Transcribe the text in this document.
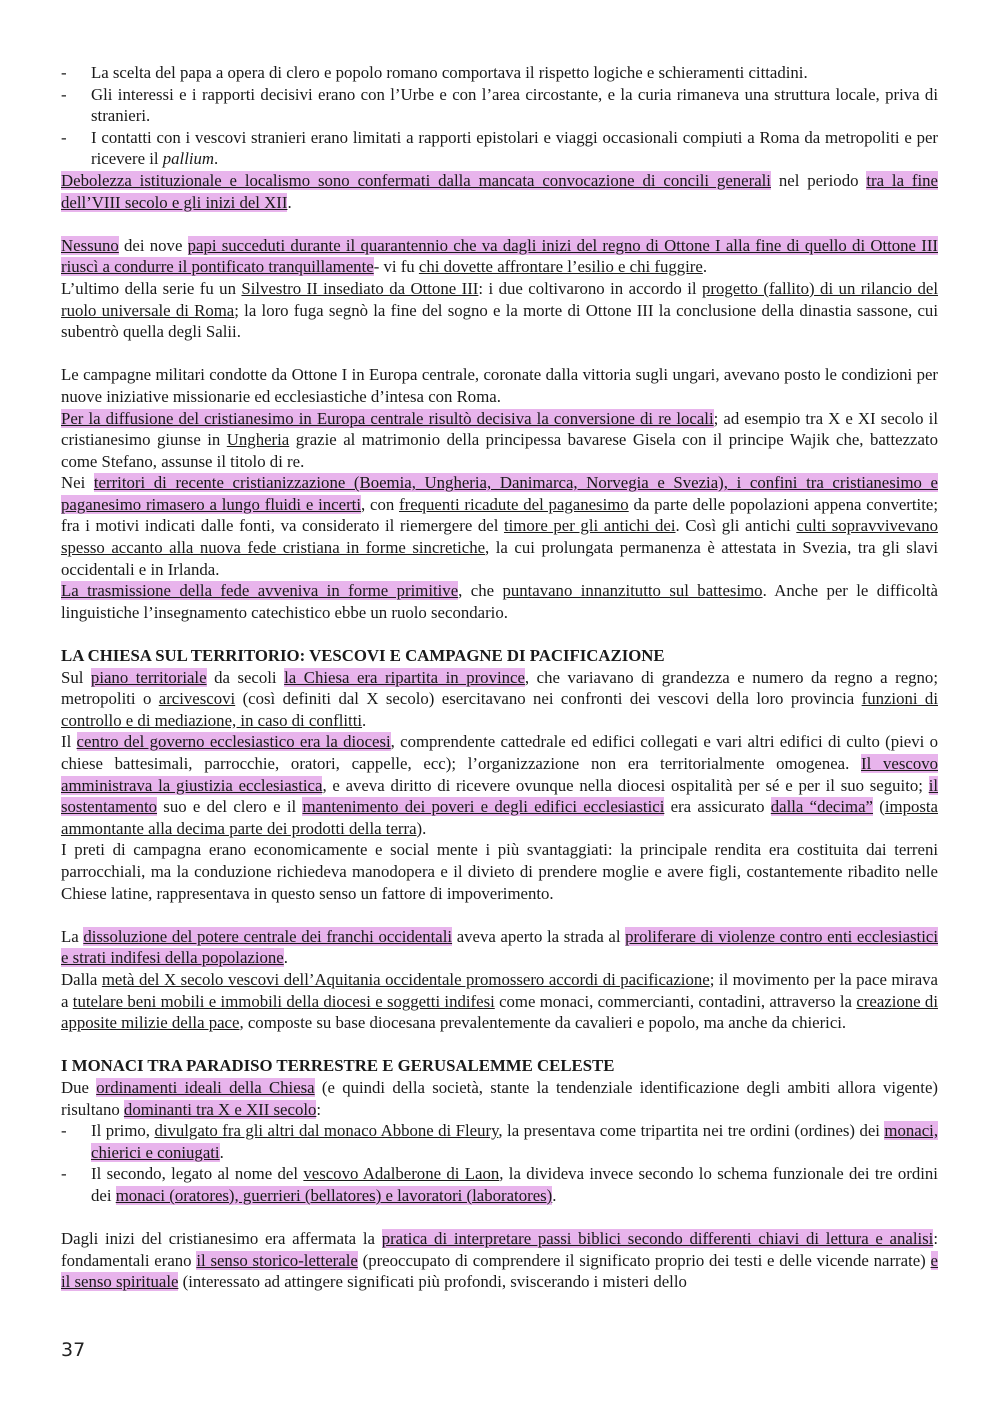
- La scelta del papa a opera di clero e popolo romano comportava il rispetto logiche e schieramenti cittadini.
- Gli interessi e i rapporti decisivi erano con l’Urbe e con l’area circostante, e la curia rimaneva una struttura locale, priva di stranieri.
- I contatti con i vescovi stranieri erano limitati a rapporti epistolari e viaggi occasionali compiuti a Roma da metropoliti e per ricevere il pallium.

Debolezza istituzionale e localismo sono confermati dalla mancata convocazione di concili generali nel periodo tra la fine dell’VIII secolo e gli inizi del XII.

Nessuno dei nove papi succeduti durante il quarantennio che va dagli inizi del regno di Ottone I alla fine di quello di Ottone III riuscì a condurre il pontificato tranquillamente- vi fu chi dovette affrontare l’esilio e chi fuggire.

L’ultimo della serie fu un Silvestro II insediato da Ottone III: i due coltivarono in accordo il progetto (fallito) di un rilancio del ruolo universale di Roma; la loro fuga segnò la fine del sogno e la morte di Ottone III la conclusione della dinastia sassone, cui subentrò quella degli Salii.

Le campagne militari condotte da Ottone I in Europa centrale, coronate dalla vittoria sugli ungari, avevano posto le condizioni per nuove iniziative missionarie ed ecclesiastiche d’intesa con Roma.

Per la diffusione del cristianesimo in Europa centrale risultò decisiva la conversione di re locali; ad esempio tra X e XI secolo il cristianesimo giunse in Ungheria grazie al matrimonio della principessa bavarese Gisela con il principe Wajik che, battezzato come Stefano, assunse il titolo di re.

Nei territori di recente cristianizzazione (Boemia, Ungheria, Danimarca, Norvegia e Svezia), i confini tra cristianesimo e paganesimo rimasero a lungo fluidi e incerti, con frequenti ricadute del paganesimo da parte delle popolazioni appena convertite; fra i motivi indicati dalle fonti, va considerato il riemergere del timore per gli antichi dei. Così gli antichi culti sopravvivevano spesso accanto alla nuova fede cristiana in forme sincretiche, la cui prolungata permanenza è attestata in Svezia, tra gli slavi occidentali e in Irlanda.

La trasmissione della fede avveniva in forme primitive, che puntavano innanzitutto sul battesimo. Anche per le difficoltà linguistiche l’insegnamento catechistico ebbe un ruolo secondario.

LA CHIESA SUL TERRITORIO: VESCOVI E CAMPAGNE DI PACIFICAZIONE

Sul piano territoriale da secoli la Chiesa era ripartita in province, che variavano di grandezza e numero da regno a regno; metropoliti o arcivescovi (così definiti dal X secolo) esercitavano nei confronti dei vescovi della loro provincia funzioni di controllo e di mediazione, in caso di conflitti.

Il centro del governo ecclesiastico era la diocesi, comprendente cattedrale ed edifici collegati e vari altri edifici di culto (pievi o chiese battesimali, parrocchie, oratori, cappelle, ecc); l’organizzazione non era territorialmente omogenea. Il vescovo amministrava la giustizia ecclesiastica, e aveva diritto di ricevere ovunque nella diocesi ospitalità per sé e per il suo seguito; il sostentamento suo e del clero e il mantenimento dei poveri e degli edifici ecclesiastici era assicurato dalla “decima” (imposta ammontante alla decima parte dei prodotti della terra).

I preti di campagna erano economicamente e social mente i più svantaggiati: la principale rendita era costituita dai terreni parrocchiali, ma la conduzione richiedeva manodopera e il divieto di prendere moglie e avere figli, costantemente ribadito nelle Chiese latine, rappresentava in questo senso un fattore di impoverimento.

La dissoluzione del potere centrale dei franchi occidentali aveva aperto la strada al proliferare di violenze contro enti ecclesiastici e strati indifesi della popolazione.

Dalla metà del X secolo vescovi dell’Aquitania occidentale promossero accordi di pacificazione; il movimento per la pace mirava a tutelare beni mobili e immobili della diocesi e soggetti indifesi come monaci, commercianti, contadini, attraverso la creazione di apposite milizie della pace, composte su base diocesana prevalentemente da cavalieri e popolo, ma anche da chierici.

I MONACI TRA PARADISO TERRESTRE E GERUSALEMME CELESTE

Due ordinamenti ideali della Chiesa (e quindi della società, stante la tendenziale identificazione degli ambiti allora vigente) risultano dominanti tra X e XII secolo:

- Il primo, divulgato fra gli altri dal monaco Abbone di Fleury, la presentava come tripartita nei tre ordini (ordines) dei monaci, chierici e coniugati.
- Il secondo, legato al nome del vescovo Adalberone di Laon, la divideva invece secondo lo schema funzionale dei tre ordini dei monaci (oratores), guerrieri (bellatores) e lavoratori (laboratores).

Dagli inizi del cristianesimo era affermata la pratica di interpretare passi biblici secondo differenti chiavi di lettura e analisi: fondamentali erano il senso storico-letterale (preoccupato di comprendere il significato proprio dei testi e delle vicende narrate) e il senso spirituale (interessato ad attingere significati più profondi, sviscerando i misteri dello

37
